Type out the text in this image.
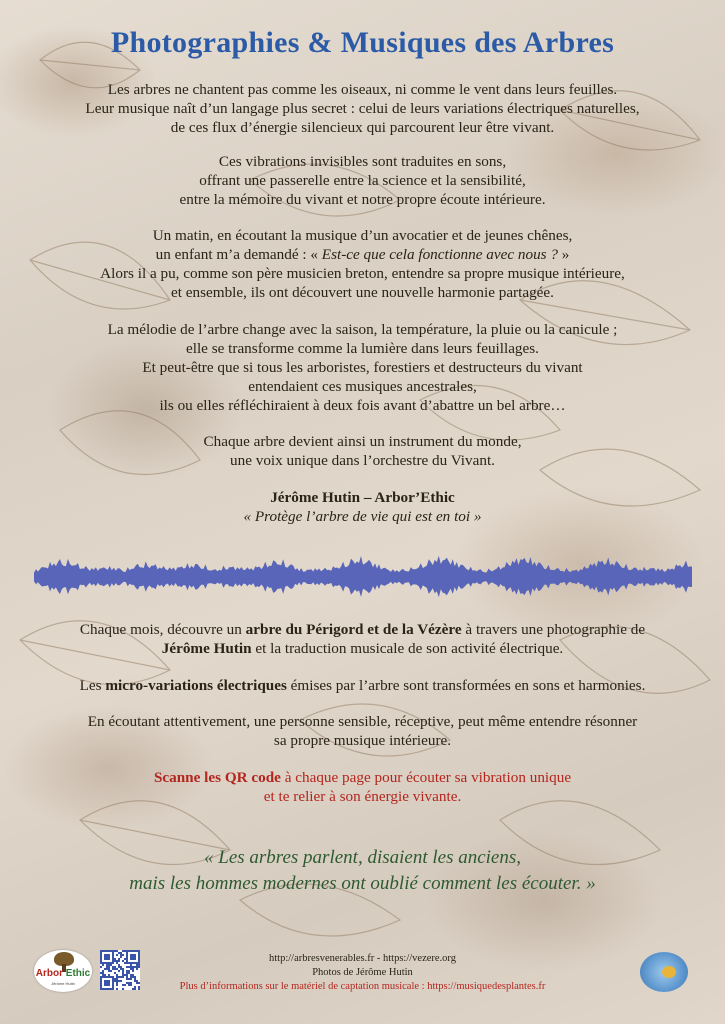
Photographies & Musiques des Arbres
Les arbres ne chantent pas comme les oiseaux, ni comme le vent dans leurs feuilles.
Leur musique naît d’un langage plus secret : celui de leurs variations électriques naturelles,
de ces flux d’énergie silencieux qui parcourent leur être vivant.
Ces vibrations invisibles sont traduites en sons,
offrant une passerelle entre la science et la sensibilité,
entre la mémoire du vivant et notre propre écoute intérieure.
Un matin, en écoutant la musique d’un avocatier et de jeunes chênes,
un enfant m’a demandé : « Est-ce que cela fonctionne avec nous ? »
Alors il a pu, comme son père musicien breton, entendre sa propre musique intérieure,
et ensemble, ils ont découvert une nouvelle harmonie partagée.
La mélodie de l’arbre change avec la saison, la température, la pluie ou la canicule ;
elle se transforme comme la lumière dans leurs feuillages.
Et peut-être que si tous les arboristes, forestiers et destructeurs du vivant
entendaient ces musiques ancestrales,
ils ou elles réfléchiraient à deux fois avant d’abattre un bel arbre…
Chaque arbre devient ainsi un instrument du monde,
une voix unique dans l’orchestre du Vivant.
Jérôme Hutin – Arbor’Ethic
« Protège l’arbre de vie qui est en toi »
Chaque mois, découvre un arbre du Périgord et de la Vézère à travers une photographie de
Jérôme Hutin et la traduction musicale de son activité électrique.
Les micro-variations électriques émises par l’arbre sont transformées en sons et harmonies.
En écoutant attentivement, une personne sensible, réceptive, peut même entendre résonner
sa propre musique intérieure.
Scanne les QR code à chaque page pour écouter sa vibration unique
et te relier à son énergie vivante.
« Les arbres parlent, disaient les anciens,
mais les hommes modernes ont oublié comment les écouter. »
Arbor Ethic
Jérôme Hutin
http://arbresvenerables.fr - https://vezere.org
Photos de Jérôme Hutin
Plus d’informations sur le matériel de captation musicale : https://musiquedesplantes.fr
